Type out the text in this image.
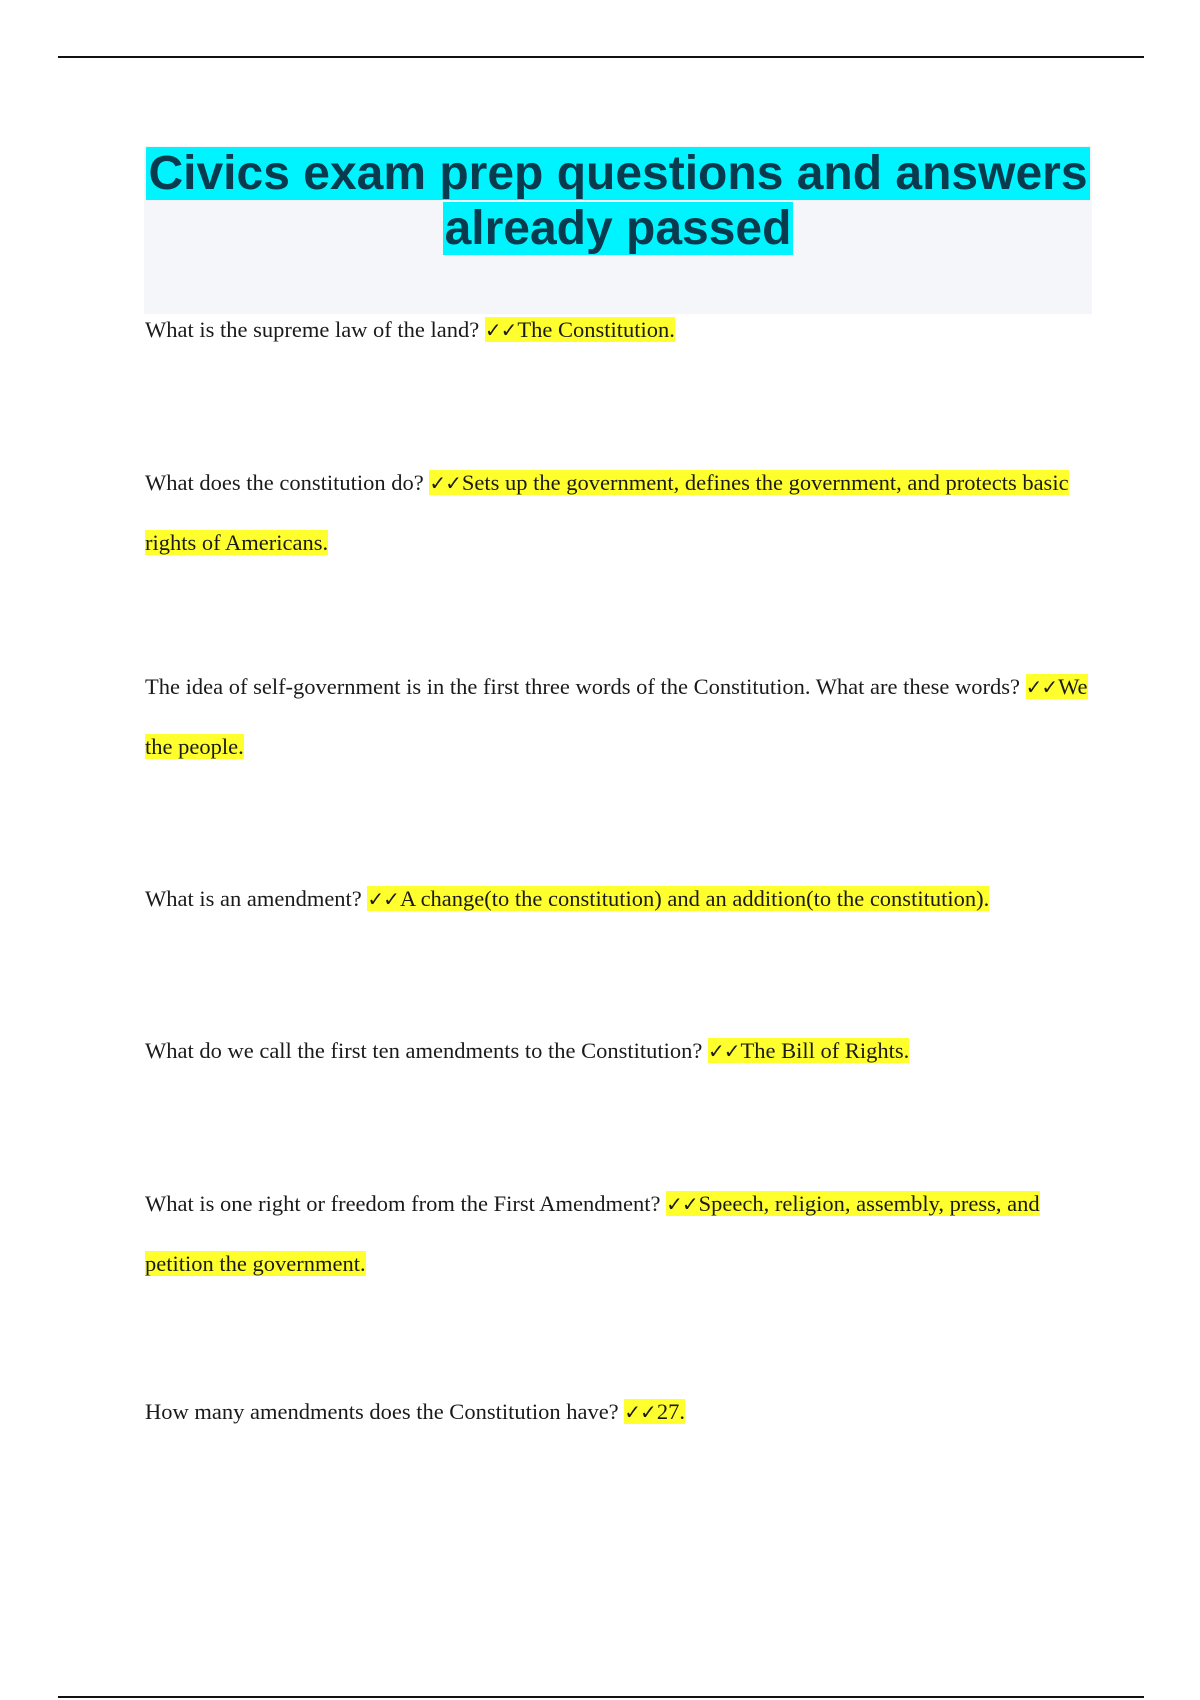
Civics exam prep questions and answers already passed

What is the supreme law of the land? ✓✓The Constitution.

What does the constitution do? ✓✓Sets up the government, defines the government, and protects basic rights of Americans.

The idea of self-government is in the first three words of the Constitution. What are these words? ✓✓We the people.

What is an amendment? ✓✓A change(to the constitution) and an addition(to the constitution).

What do we call the first ten amendments to the Constitution? ✓✓The Bill of Rights.

What is one right or freedom from the First Amendment? ✓✓Speech, religion, assembly, press, and petition the government.

How many amendments does the Constitution have? ✓✓27.
